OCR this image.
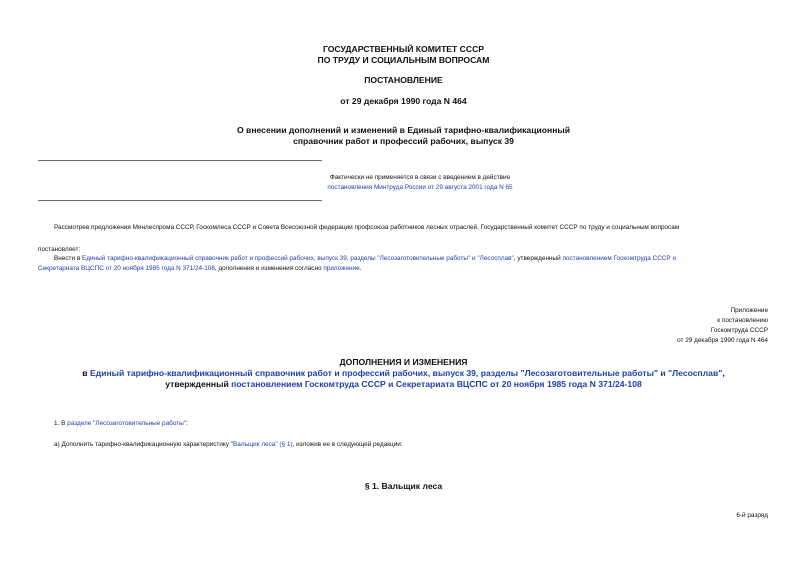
ГОСУДАРСТВЕННЫЙ КОМИТЕТ СССР
ПО ТРУДУ И СОЦИАЛЬНЫМ ВОПРОСАМ
ПОСТАНОВЛЕНИЕ
от 29 декабря 1990 года N 464
О внесении дополнений и изменений в Единый тарифно-квалификационный
справочник работ и профессий рабочих, выпуск 39
Фактически не применяется в связи с введением в действие
постановления Минтруда России от 29 августа 2001 года N 65
Рассмотрев предложения Минлеспрома СССР, Госкомлеса СССР и Совета Всесоюзной федерации профсоюза работников лесных отраслей, Государственный комитет СССР по труду и социальным вопросам
постановляет:
Внести в Единый тарифно-квалификационный справочник работ и профессий рабочих, выпуск 39, разделы "Лесозаготовительные работы" и "Лесосплав", утвержденный постановлением Госкомтруда СССР и
Секретариата ВЦСПС от 20 ноября 1985 года N 371/24-108, дополнения и изменения согласно приложение.
Приложение
к постановлению
Госкомтруда СССР
от 29 декабря 1990 года N 464
ДОПОЛНЕНИЯ И ИЗМЕНЕНИЯ
в Единый тарифно-квалификационный справочник работ и профессий рабочих, выпуск 39, разделы "Лесозаготовительные работы" и "Лесосплав",
утвержденный постановлением Госкомтруда СССР и Секретариата ВЦСПС от 20 ноября 1985 года N 371/24-108
1. В разделе "Лесозаготовительные работы":
а) Дополнить тарифно-квалификационную характеристику "Вальщик леса" (§ 1), изложив ее в следующей редакции:
§ 1. Вальщик леса
6-й разряд
